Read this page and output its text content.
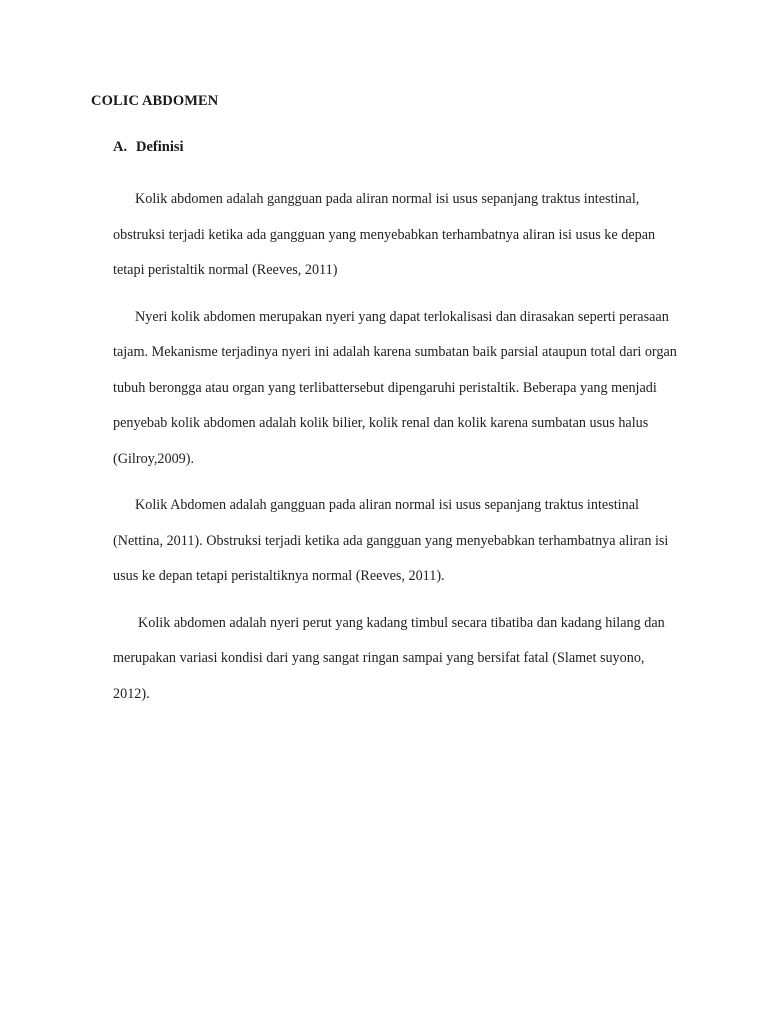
COLIC ABDOMEN
A. Definisi

Kolik abdomen adalah gangguan pada aliran normal isi usus sepanjang traktus intestinal, obstruksi terjadi ketika ada gangguan yang menyebabkan terhambatnya aliran isi usus ke depan tetapi peristaltik normal (Reeves, 2011)

Nyeri kolik abdomen merupakan nyeri yang dapat terlokalisasi dan dirasakan seperti perasaan tajam. Mekanisme terjadinya nyeri ini adalah karena sumbatan baik parsial ataupun total dari organ tubuh berongga atau organ yang terlibattersebut dipengaruhi peristaltik. Beberapa yang menjadi penyebab kolik abdomen adalah kolik bilier, kolik renal dan kolik karena sumbatan usus halus (Gilroy,2009).

Kolik Abdomen adalah gangguan pada aliran normal isi usus sepanjang traktus intestinal (Nettina, 2011). Obstruksi terjadi ketika ada gangguan yang menyebabkan terhambatnya aliran isi usus ke depan tetapi peristaltiknya normal (Reeves, 2011).

Kolik abdomen adalah nyeri perut yang kadang timbul secara tibatiba dan kadang hilang dan merupakan variasi kondisi dari yang sangat ringan sampai yang bersifat fatal (Slamet suyono, 2012).
